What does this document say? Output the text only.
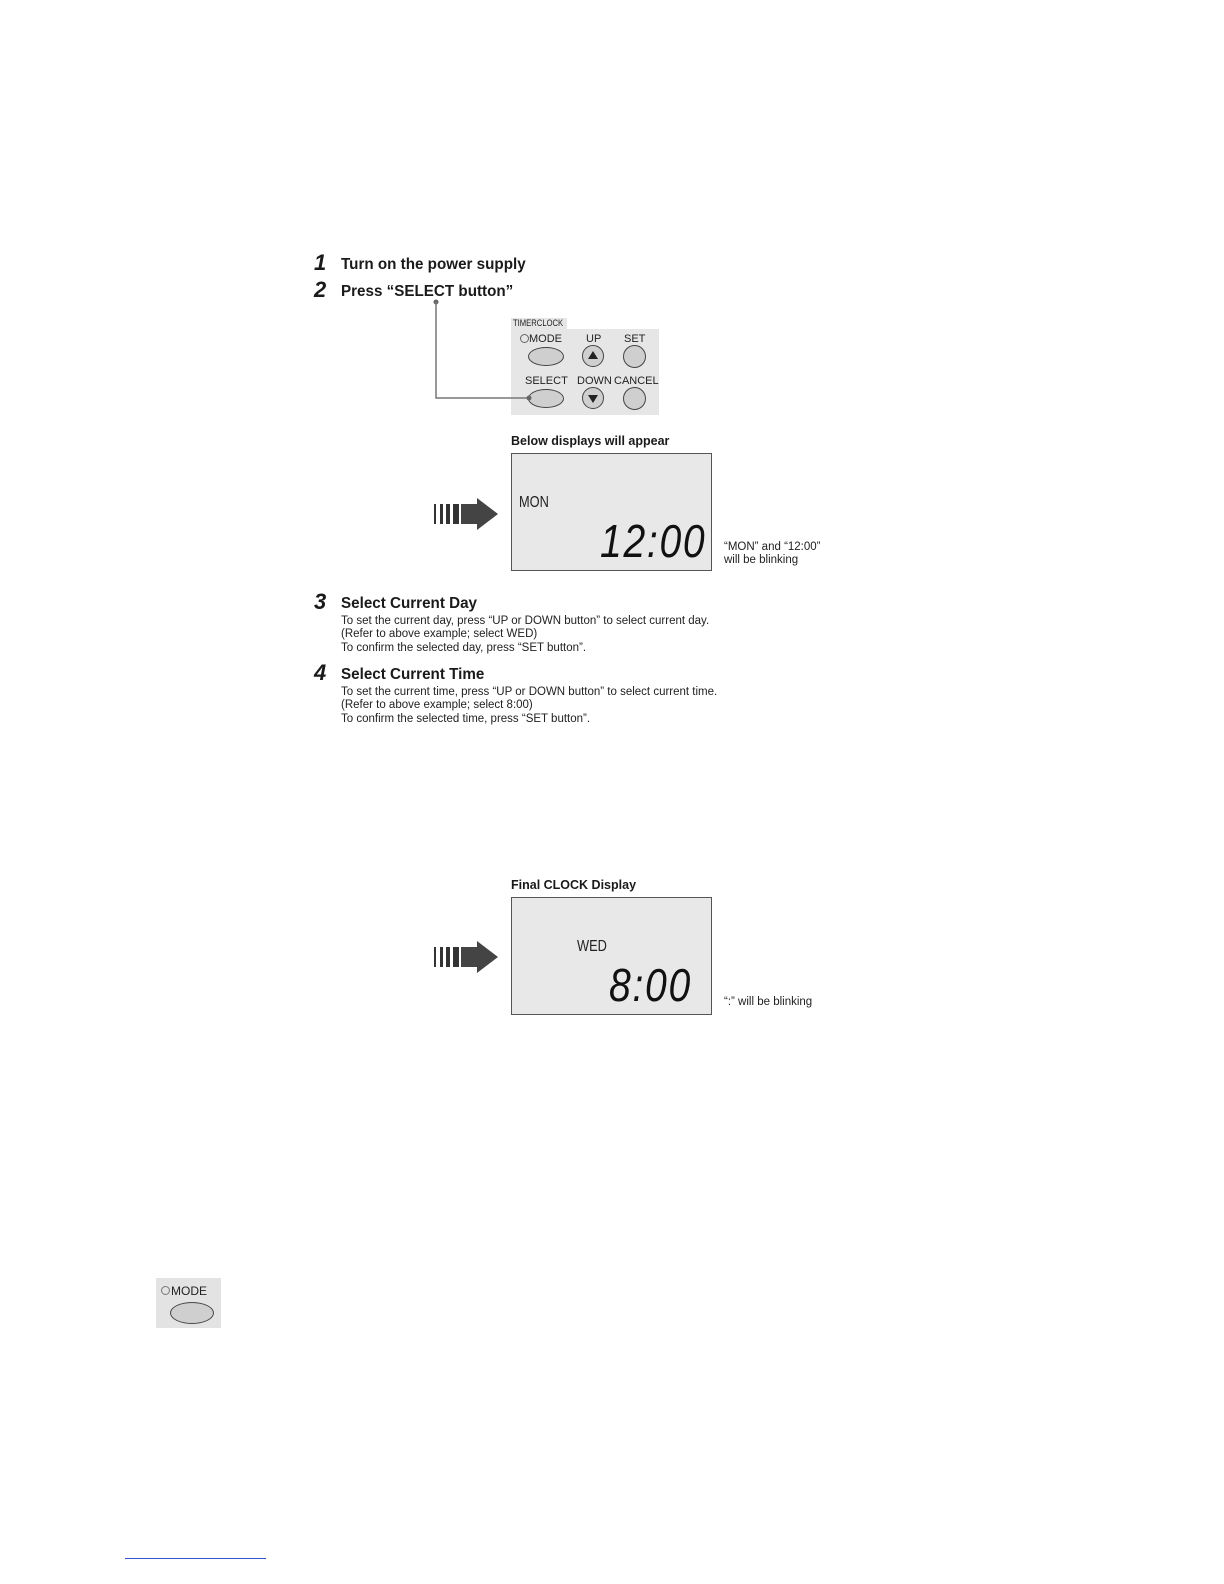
1 Turn on the power supply
2 Press “SELECT button”
TIMERCLOCK
MODE UP SET
SELECT DOWN CANCEL
Below displays will appear
MON
12:00 “MON” and “12:00”
will be blinking
3 Select Current Day
To set the current day, press “UP or DOWN button” to select current day.
(Refer to above example; select WED)
To confirm the selected day, press “SET button”.
4 Select Current Time
To set the current time, press “UP or DOWN button” to select current time.
(Refer to above example; select 8:00)
To confirm the selected time, press “SET button”.
Final CLOCK Display
WED
8:00	“:” will be blinking
MODE
